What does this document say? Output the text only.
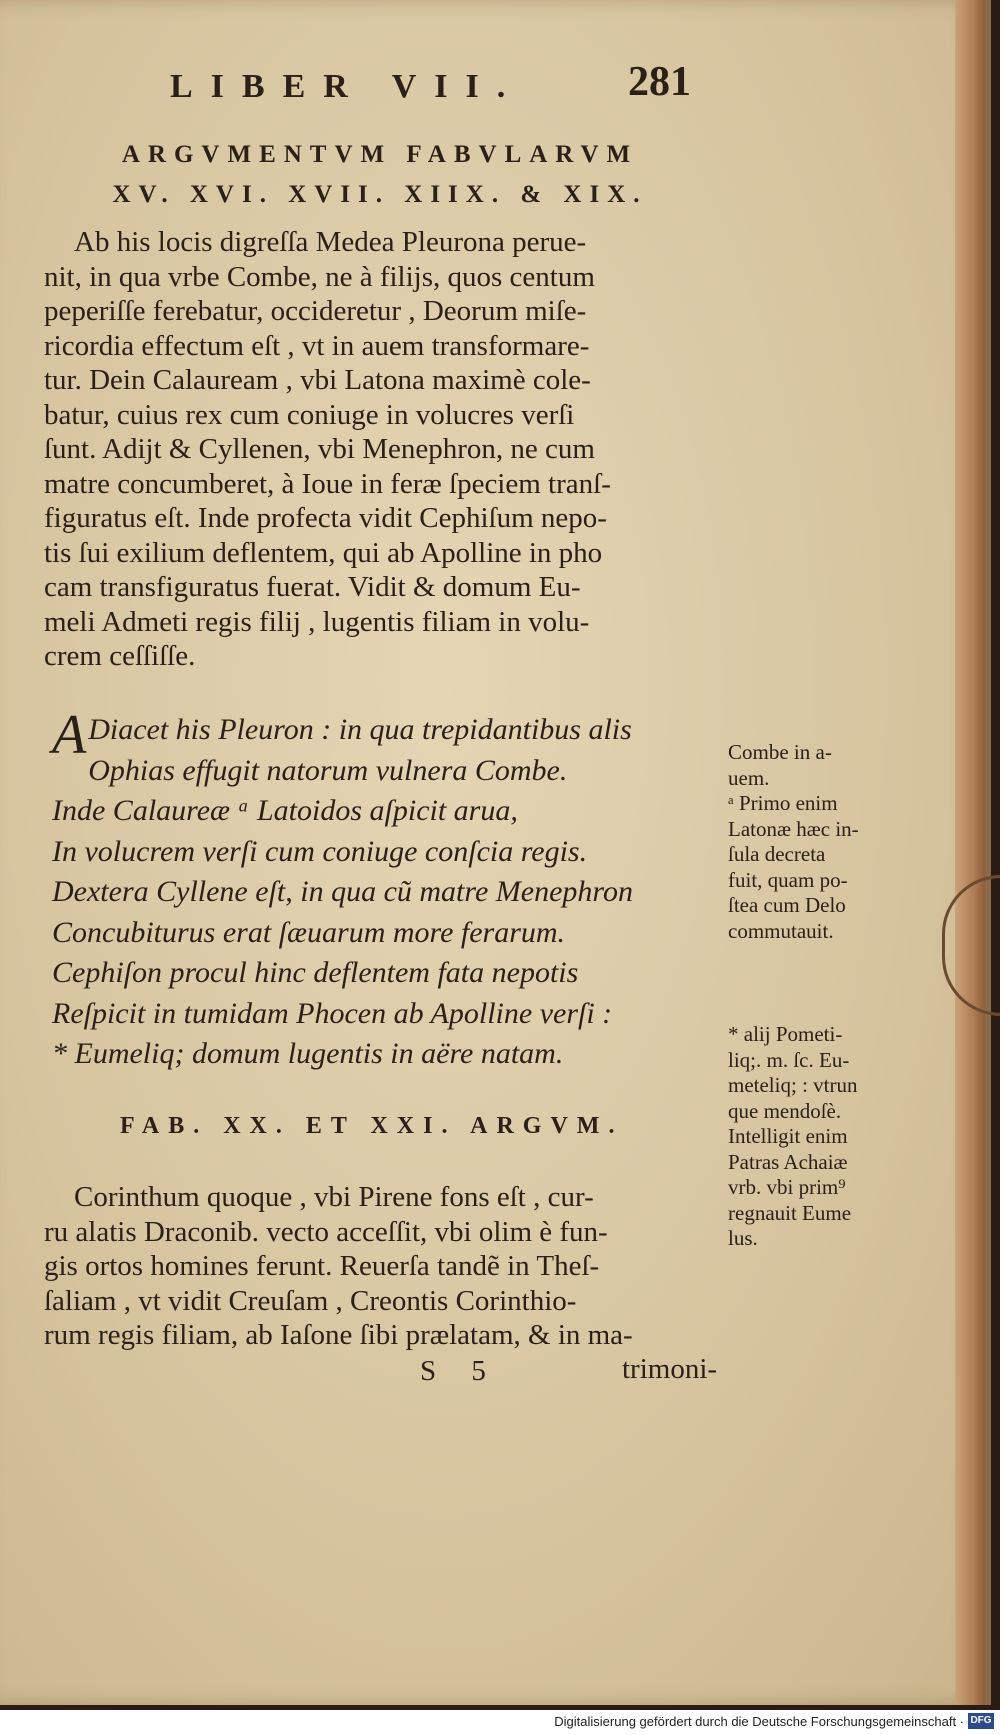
LIBER VII.	281
ARGVMENTVM FABVLARVM
XV. XVI. XVII. XIIX. & XIX.
Ab his locis digreſſa Medea Pleurona peruе-
nit, in qua vrbe Combe, ne à filijs, quos centum
peperiſſe ferebatur, occideretur , Deorum miſe-
ricordia effectum eſt , vt in auem transformare-
tur. Dein Calauream , vbi Latona maximè cole-
batur, cuius rex cum coniuge in volucres verſi
ſunt. Adijt & Cyllenen, vbi Menephron, ne cum
matre concumberet, à Ioue in feræ ſpeciem tranſ-
figuratus eſt. Inde profecta vidit Cephiſum nepo-
tis ſui exilium deflentem, qui ab Apolline in pho
cam transfiguratus fuerat. Vidit & domum Eu-
meli Admeti regis filij , lugentis filiam in volu-
crem ceſſiſſe.
A Diacet his Pleuron : in qua trepidantibus alis
Ophias effugit natorum vulnera Combe.
Inde Calaureæ ᵃ Latoidos aſpicit arua,
In volucrem verſi cum coniuge conſcia regis.
Dextera Cyllene eſt, in qua cũ matre Menephron
Concubiturus erat ſæuarum more ferarum.
Cephiſon procul hinc deflentem fata nepotis
Reſpicit in tumidam Phocen ab Apolline verſi :
* Eumeliq; domum lugentis in aëre natam.
Combe in a-
uem.
ᵃ Primo enim
Latonæ hæc in-
ſula decreta
fuit, quam po-
ſtea cum Delo
commutauit.
* alij Pometi-
liq;. m. ſc. Eu-
meteliq; : vtrun
que mendoſè.
Intelligit enim
Patras Achaiæ
vrb. vbi prim⁹
regnauit Eume
lus.
FAB. XX. ET XXI. ARGVM.
Corinthum quoque , vbi Pirene fons eſt , cur-
ru alatis Draconib. vecto acceſſit, vbi olim è fun-
gis ortos homines ferunt. Reuerſa tandẽ in Theſ-
ſaliam , vt vidit Creuſam , Creontis Corinthio-
rum regis filiam, ab Iaſone ſibi prælatam, & in ma-
S 5	trimoni-
Digitalisierung gefördert durch die Deutsche Forschungsgemeinschaft · DFG
